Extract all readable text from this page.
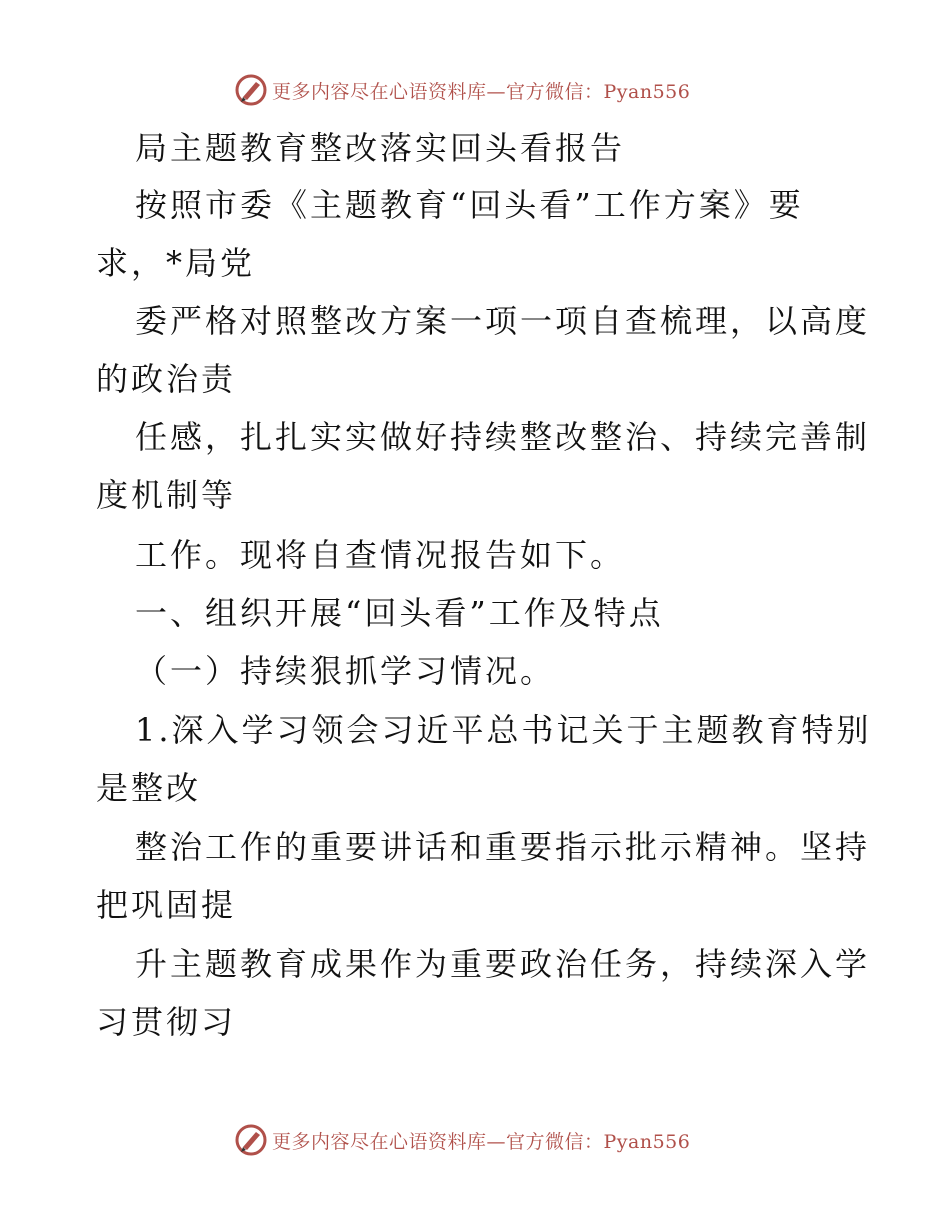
更多内容尽在心语资料库—官方微信：Pyan556
局主题教育整改落实回头看报告
按照市委《主题教育“回头看”工作方案》要
求，*局党
委严格对照整改方案一项一项自查梳理，以高度
的政治责
任感，扎扎实实做好持续整改整治、持续完善制
度机制等
工作。现将自查情况报告如下。
一、组织开展“回头看”工作及特点
（一）持续狠抓学习情况。
1.深入学习领会习近平总书记关于主题教育特别
是整改
整治工作的重要讲话和重要指示批示精神。坚持
把巩固提
升主题教育成果作为重要政治任务，持续深入学
习贯彻习
更多内容尽在心语资料库—官方微信：Pyan556
